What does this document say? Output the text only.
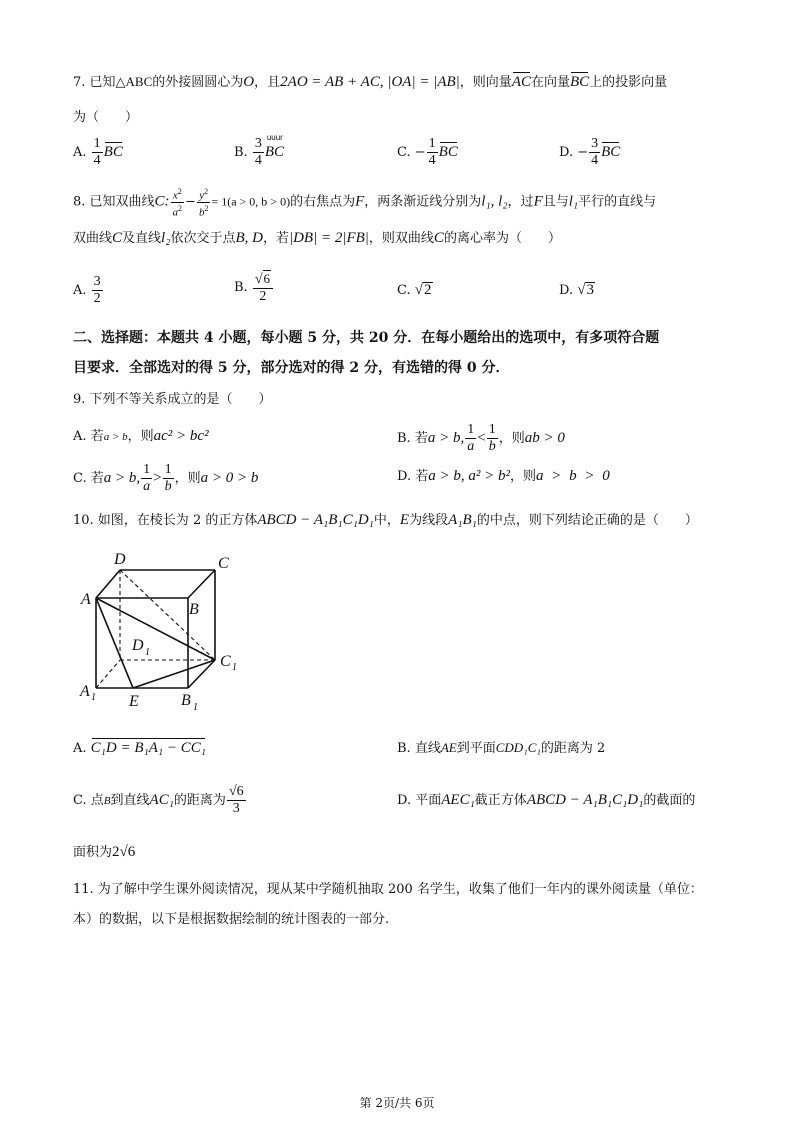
7. 已知△ABC的外接圆圆心为O，且2AO = AB + AC, |OA| = |AB|，则向量AC在向量BC上的投影向量
为（　　）
A. $\frac{1}{4}$ BC	B. $\frac{3}{4}$ uuur
BC	C. − $\frac{1}{4}$ BC	D. − $\frac{3}{4}$ BC
8. 已知双曲线C: $\frac{x^2}{a^2} - \frac{y^2}{b^2} = 1(a > 0$, b > 0)的右焦点为F，两条渐近线分别为l₁, l₂，过F且与l₁平行的直线与
双曲线C及直线l₂依次交于点B, D，若|DB| = 2|FB|，则双曲线C的离心率为（　　）
A. $\frac{3}{2}$	B. $\frac{√6}{2}$	C. √2	D. √3
二、选择题：本题共 4 小题，每小题 5 分，共 20 分．在每小题给出的选项中，有多项符合题
目要求．全部选对的得 5 分，部分选对的得 2 分，有选错的得 0 分．
9. 下列不等关系成立的是（　　）
A. 若a > b，则ac² > bc²	B. 若a > b, $\frac{1}{a} < \frac{1}{b}$ ，则ab > 0
C. 若a > b, $\frac{1}{a} > \frac{1}{b}$ ，则a > 0 > b	D. 若a > b, a² > b²，则a > b > 0
10. 如图，在棱长为 2 的正方体ABCD − A₁B₁C₁D₁中，E为线段A₁B₁的中点，则下列结论正确的是（　　）
D	C
A
B
D 1
C 1
A 1 E	B 1
A. C₁D = B₁A₁ − CC₁	B. 直线AE到平面CDD₁C₁的距离为 2
C. 点B到直线AC₁的距离为 $\frac{√6}{3}$	D. 平面AEC₁截正方体ABCD − A₁B₁C₁D₁的截面的
面积为2√6
11. 为了解中学生课外阅读情况，现从某中学随机抽取 200 名学生，收集了他们一年内的课外阅读量（单位：
本）的数据，以下是根据数据绘制的统计图表的一部分.
第 2页/共 6页
